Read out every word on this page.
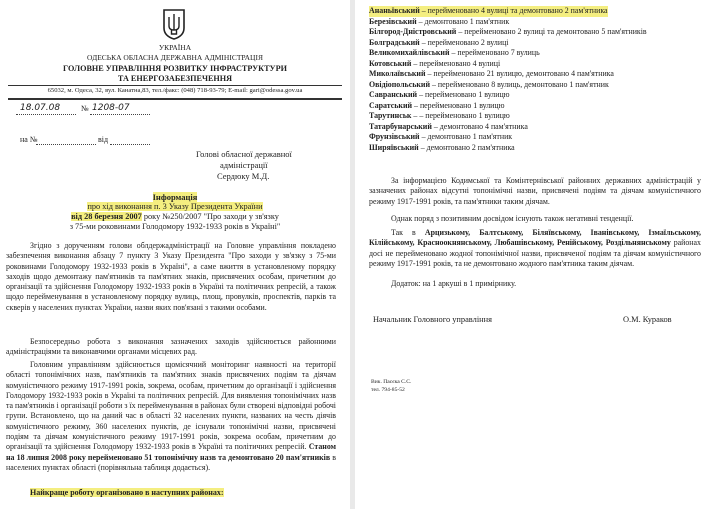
УКРАЇНА
ОДЕСЬКА ОБЛАСНА ДЕРЖАВНА АДМІНІСТРАЦІЯ
ГОЛОВНЕ УПРАВЛІННЯ РОЗВИТКУ ІНФРАСТРУКТУРИ
ТА ЕНЕРГОЗАБЕЗПЕЧЕННЯ
65032, м. Одеса, 32, вул. Канатна,83, тел./факс: (048) 718-93-79; E-mail: gari@odessa.gov.ua
18.07.08	№ 1208-07
на №	від
Голові обласної державної
адміністрації
Сердюку М.Д.
Інформація
про хід виконання п. 3 Указу Президента України
від 28 березня 2007 року №250/2007 "Про заходи у зв'язку
з 75-ми роковинами Голодомору 1932-1933 років в Україні"
Згідно з дорученням голови облдержадміністрації на Головне управління покладено забезпечення виконання абзацу 7 пункту 3 Указу Президента "Про заходи у зв'язку з 75-ми роковинами Голодомору 1932-1933 років в Україні", а саме вжиття в установленому порядку заходів щодо демонтажу пам'ятників та пам'ятних знаків, присвячених особам, причетним до організації та здійснення Голодомору 1932-1933 років в Україні та політичних репресій, а також щодо перейменування в установленому порядку вулиць, площ, провулків, проспектів, парків та скверів у населених пунктах України, назви яких пов'язані з такими особами.
Безпосередньо робота з виконання зазначених заходів здійснюється районними адміністраціями та виконавчими органами місцевих рад.
Головним управлінням здійснюється щомісячний моніторинг наявності на території області топонімічних назв, пам'ятників та пам'ятних знаків присвячених подіям та діячам комуністичного режиму 1917-1991 років, зокрема, особам, причетним до організації і здійснення Голодомору 1932-1933 років в Україні та політичних репресій. Для виявлення топонімічних назв та пам'ятників і організації роботи з їх перейменування в районах були створені відповідні робочі групи. Встановлено, що на даний час в області 32 населених пункти, названих на честь діячів комуністичного режиму, 360 населених пунктів, де існували топонімічні назви, присвячені подіям та діячам комуністичного режиму 1917-1991 років, зокрема особам, причетним до організації та здійснення Голодомору 1932-1933 років в Україні та політичних репресій. Станом на 18 липня 2008 року перейменовано 51 топонімічну назв та демонтовано 20 пам'ятників в населених пунктах області (порівняльна таблиця додається).
Найкраще роботу організовано в наступних районах:
Ананьївський – перейменовано 4 вулиці та демонтовано 2 пам'ятника
Березівський – демонтовано 1 пам'ятник
Білгород-Дністровський – перейменовано 2 вулиці та демонтовано 5 пам'ятників
Болградський – перейменовано 2 вулиці
Великомихайлівський – перейменовано 7 вулиць
Котовський – перейменовано 4 вулиці
Миколаївський – перейменовано 21 вулицю, демонтовано 4 пам'ятника
Овідіопольський – перейменовано 8 вулиць, демонтовано 1 пам'ятник
Савранський – перейменовано 1 вулицю
Саратський – перейменовано 1 вулицю
Тарутинськ – – перейменовано 1 вулицю
Татарбунарський – демонтовано 4 пам'ятника
Фрунзівський – демонтовано 1 пам'ятник
Ширяївський – демонтовано 2 пам'ятника
За інформацією Кодимської та Комінтернівської районних державних адміністрацій у зазначених районах відсутні топонімічні назви, присвячені подіям та діячам комуністичного режиму 1917-1991 років, та пам'ятники таким діячам.
Однак поряд з позитивним досвідом існують також негативні тенденції.
Так в Арцизькому, Балтському, Біляївському, Іванівському, Ізмаїльському, Кілійському, Красноокнянському, Любашівському, Ренійському, Роздільнянському районах досі не перейменовано жодної топонімічної назви, присвяченої подіям та діячам комуністичного режиму 1917-1991 років, та не демонтовано жодного пам'ятника таким діячам.
Додаток: на 1 аркуші в 1 примірнику.
Начальник Головного управління	О.М. Кураков
Вик. Пасєка С.С.
тел. 794-85-52
